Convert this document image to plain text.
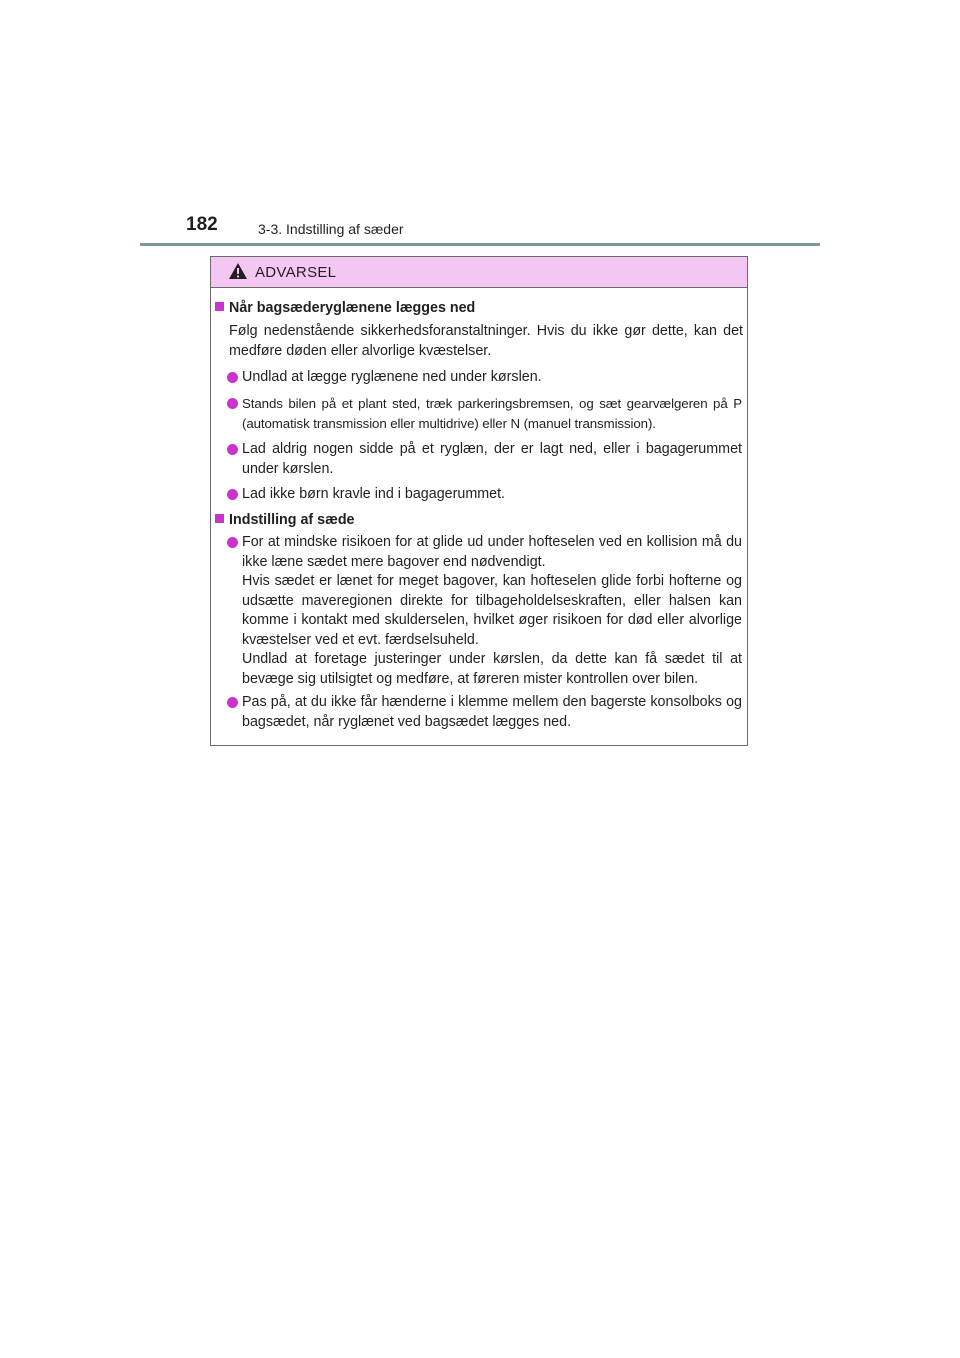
182	3-3. Indstilling af sæder
ADVARSEL
Når bagsæderyglænene lægges ned
Følg nedenstående sikkerhedsforanstaltninger. Hvis du ikke gør dette, kan det medføre døden eller alvorlige kvæstelser.
Undlad at lægge ryglænene ned under kørslen.
Stands bilen på et plant sted, træk parkeringsbremsen, og sæt gearvælgeren på P (automatisk transmission eller multidrive) eller N (manuel transmission).
Lad aldrig nogen sidde på et ryglæn, der er lagt ned, eller i bagagerummet under kørslen.
Lad ikke børn kravle ind i bagagerummet.
Indstilling af sæde
For at mindske risikoen for at glide ud under hofteselen ved en kollision må du ikke læne sædet mere bagover end nødvendigt.
Hvis sædet er lænet for meget bagover, kan hofteselen glide forbi hofterne og udsætte maveregionen direkte for tilbageholdelseskraften, eller halsen kan komme i kontakt med skulderselen, hvilket øger risikoen for død eller alvorlige kvæstelser ved et evt. færdselsuheld.
Undlad at foretage justeringer under kørslen, da dette kan få sædet til at bevæge sig utilsigtet og medføre, at føreren mister kontrollen over bilen.
Pas på, at du ikke får hænderne i klemme mellem den bagerste konsolboks og bagsædet, når ryglænet ved bagsædet lægges ned.
